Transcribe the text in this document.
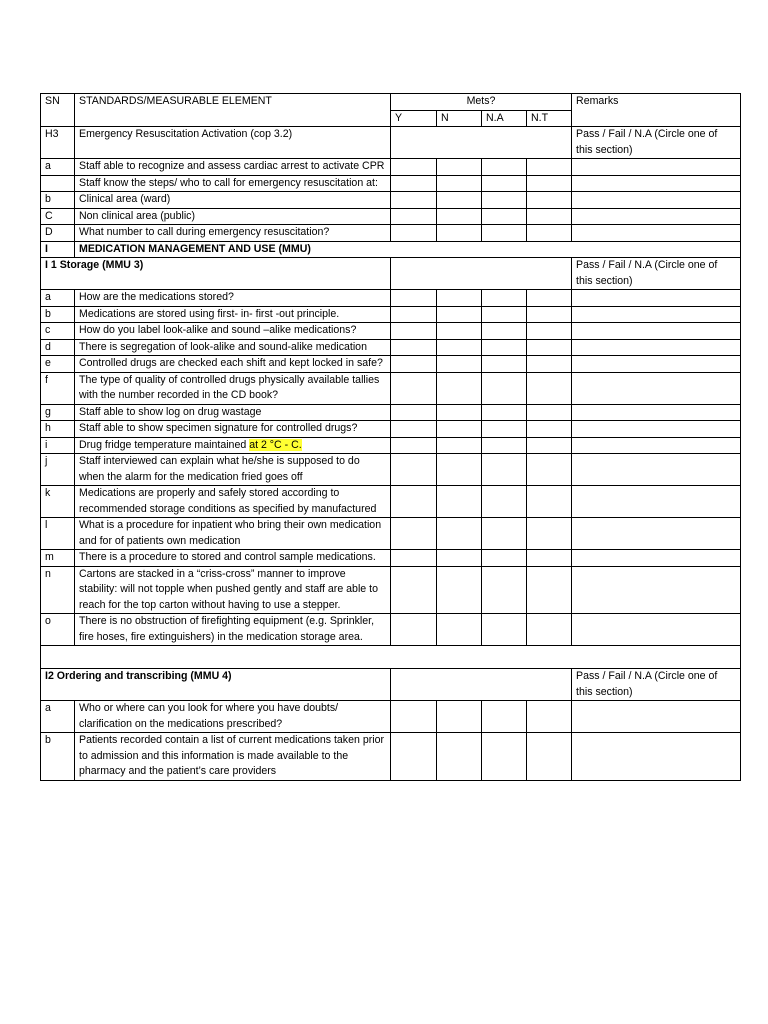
SN	STANDARDS/MEASURABLE ELEMENT	Mets?				Remarks
		Y	N	N.A	N.T	
H3	Emergency Resuscitation Activation (cop 3.2)					Pass / Fail / N.A (Circle one of this section)
a	Staff able to recognize and assess cardiac arrest to activate CPR					
	Staff know the steps/ who to call for emergency resuscitation at:					
b	Clinical area (ward)					
C	Non clinical area (public)					
D	What number to call during emergency resuscitation?					
I	MEDICATION MANAGEMENT AND USE (MMU)					
I 1 Storage (MMU 3)						Pass / Fail / N.A (Circle one of this section)
a	How are the medications stored?					
b	Medications are stored using first- in- first -out principle.					
c	How do you label look-alike and sound –alike medications?					
d	There is segregation of look-alike and sound-alike medication					
e	Controlled drugs are checked each shift and kept locked in safe?					
f	The type of quality of controlled drugs physically available tallies with the number recorded in the CD book?					
g	Staff able to show log on drug wastage					
h	Staff able to show specimen signature for controlled drugs?					
i	Drug fridge temperature maintained at 2 °C - C.					
j	Staff interviewed can explain what he/she is supposed to do when the alarm for the medication fried goes off					
k	Medications are properly and safely stored according to recommended storage conditions as specified by manufactured					
l	What is a procedure for inpatient who bring their own medication and for of patients own medication					
m	There is a procedure to stored and control sample medications.					
n	Cartons are stacked in a “criss-cross” manner to improve stability: will not topple when pushed gently and staff are able to reach for the top carton without having to use a stepper.					
o	There is no obstruction of firefighting equipment (e.g. Sprinkler, fire hoses, fire extinguishers) in the medication storage area.					

I2 Ordering and transcribing (MMU 4)						Pass / Fail / N.A (Circle one of this section)
a	Who or where can you look for where you have doubts/ clarification on the medications prescribed?					
b	Patients recorded contain a list of current medications taken prior to admission and this information is made available to the pharmacy and the patient’s care providers					
